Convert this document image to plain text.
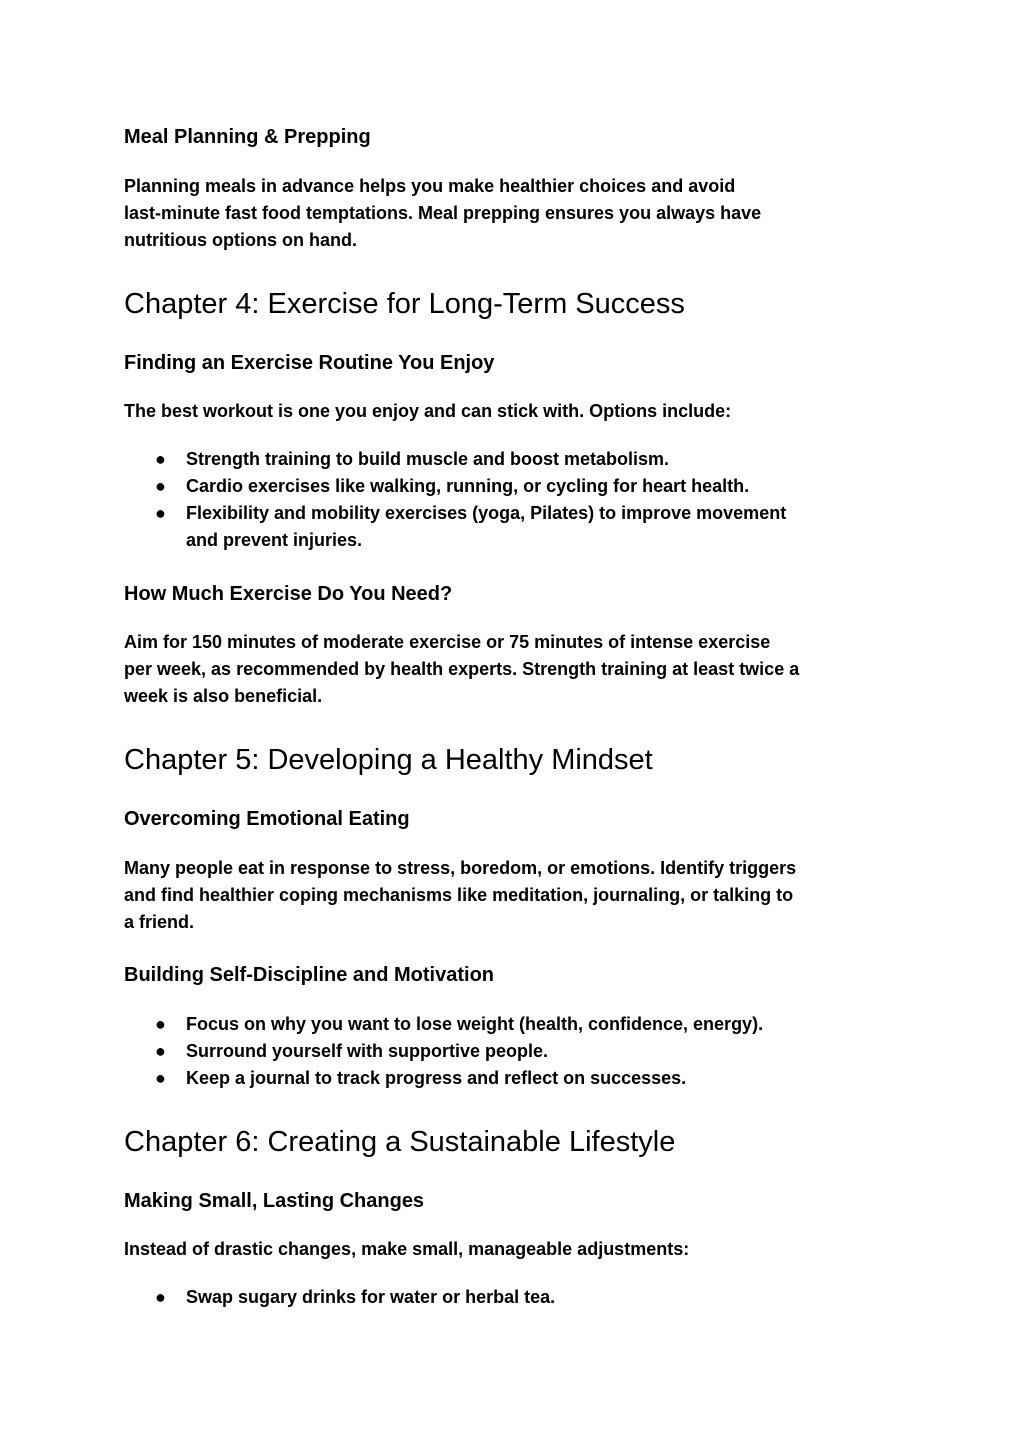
Meal Planning & Prepping

Planning meals in advance helps you make healthier choices and avoid
last-minute fast food temptations. Meal prepping ensures you always have
nutritious options on hand.

Chapter 4: Exercise for Long-Term Success
Finding an Exercise Routine You Enjoy

The best workout is one you enjoy and can stick with. Options include:

● Strength training to build muscle and boost metabolism.
● Cardio exercises like walking, running, or cycling for heart health.
● Flexibility and mobility exercises (yoga, Pilates) to improve movement
and prevent injuries.
How Much Exercise Do You Need?

Aim for 150 minutes of moderate exercise or 75 minutes of intense exercise
per week, as recommended by health experts. Strength training at least twice a
week is also beneficial.

Chapter 5: Developing a Healthy Mindset
Overcoming Emotional Eating

Many people eat in response to stress, boredom, or emotions. Identify triggers
and find healthier coping mechanisms like meditation, journaling, or talking to
a friend.

Building Self-Discipline and Motivation
● Focus on why you want to lose weight (health, confidence, energy).
● Surround yourself with supportive people.
● Keep a journal to track progress and reflect on successes.
Chapter 6: Creating a Sustainable Lifestyle
Making Small, Lasting Changes

Instead of drastic changes, make small, manageable adjustments:

● Swap sugary drinks for water or herbal tea.
